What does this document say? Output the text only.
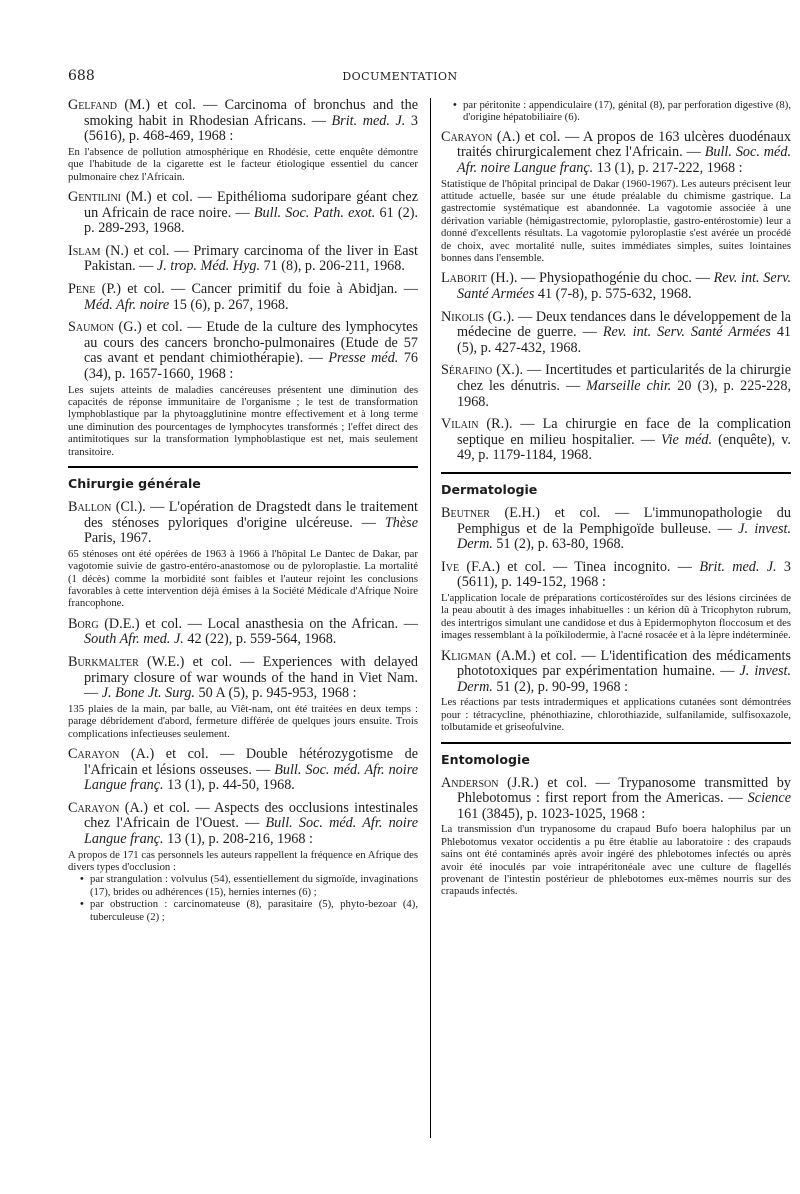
688	DOCUMENTATION
Gelfand (M.) et col. — Carcinoma of bronchus and the smoking habit in Rhodesian Africans. — Brit. med. J. 3 (5616), p. 468-469, 1968 :
En l'absence de pollution atmosphérique en Rhodésie, cette enquête démontre que l'habitude de la cigarette est le facteur étiologique essentiel du cancer pulmonaire chez l'Africain.
Gentilini (M.) et col. — Epithélioma sudoripare géant chez un Africain de race noire. — Bull. Soc. Path. exot. 61 (2). p. 289-293, 1968.
Islam (N.) et col. — Primary carcinoma of the liver in East Pakistan. — J. trop. Méd. Hyg. 71 (8), p. 206-211, 1968.
Pene (P.) et col. — Cancer primitif du foie à Abidjan. — Méd. Afr. noire 15 (6), p. 267, 1968.
Saumon (G.) et col. — Etude de la culture des lymphocytes au cours des cancers broncho-pulmonaires (Etude de 57 cas avant et pendant chimiothérapie). — Presse méd. 76 (34), p. 1657-1660, 1968 :
Les sujets atteints de maladies cancéreuses présentent une diminution des capacités de réponse immunitaire de l'organisme ; le test de transformation lymphoblastique par la phytoagglutinine montre effectivement et à long terme une diminution des pourcentages de lymphocytes transformés ; l'effet direct des antimitotiques sur la transformation lymphoblastique est net, mais seulement transitoire.
Chirurgie générale
Ballon (Cl.). — L'opération de Dragstedt dans le traitement des sténoses pyloriques d'origine ulcéreuse. — Thèse Paris, 1967.
65 sténoses ont été opérées de 1963 à 1966 à l'hôpital Le Dantec de Dakar, par vagotomie suivie de gastro-entéro-anastomose ou de pyloroplastie. La mortalité (1 décès) comme la morbidité sont faibles et l'auteur rejoint les conclusions favorables à cette intervention déjà émises à la Société Médicale d'Afrique Noire francophone.
Borg (D.E.) et col. — Local anasthesia on the African. — South Afr. med. J. 42 (22), p. 559-564, 1968.
Burkmalter (W.E.) et col. — Experiences with delayed primary closure of war wounds of the hand in Viet Nam. — J. Bone Jt. Surg. 50 A (5), p. 945-953, 1968 :
135 plaies de la main, par balle, au Viêt-nam, ont été traitées en deux temps : parage débridement d'abord, fermeture différée de quelques jours ensuite. Trois complications infectieuses seulement.
Carayon (A.) et col. — Double hétérozygotisme de l'Africain et lésions osseuses. — Bull. Soc. méd. Afr. noire Langue franç. 13 (1), p. 44-50, 1968.
Carayon (A.) et col. — Aspects des occlusions intestinales chez l'Africain de l'Ouest. — Bull. Soc. méd. Afr. noire Langue franç. 13 (1), p. 208-216, 1968 :
A propos de 171 cas personnels les auteurs rappellent la fréquence en Afrique des divers types d'occlusion :
• par strangulation : volvulus (54), essentiellement du sigmoïde, invaginations (17), brides ou adhérences (15), hernies internes (6) ;
• par obstruction : carcinomateuse (8), parasitaire (5), phyto-bezoar (4), tuberculeuse (2) ;
• par péritonite : appendiculaire (17), génital (8), par perforation digestive (8), d'origine hépatobiliaire (6).
Carayon (A.) et col. — A propos de 163 ulcères duodénaux traités chirurgicalement chez l'Africain. — Bull. Soc. méd. Afr. noire Langue franç. 13 (1), p. 217-222, 1968 :
Statistique de l'hôpital principal de Dakar (1960-1967). Les auteurs précisent leur attitude actuelle, basée sur une étude préalable du chimisme gastrique. La gastrectomie systématique est abandonnée. La vagotomie associée à une dérivation variable (hémigastrectomie, pyloroplastie, gastro-entérostomie) leur a donné d'excellents résultats. La vagotomie pyloroplastie s'est avérée un procédé de choix, avec mortalité nulle, suites immédiates simples, suites lointaines bonnes dans l'ensemble.
Laborit (H.). — Physiopathogénie du choc. — Rev. int. Serv. Santé Armées 41 (7-8), p. 575-632, 1968.
Nikolis (G.). — Deux tendances dans le développement de la médecine de guerre. — Rev. int. Serv. Santé Armées 41 (5), p. 427-432, 1968.
Sérafino (X.). — Incertitudes et particularités de la chirurgie chez les dénutris. — Marseille chir. 20 (3), p. 225-228, 1968.
Vilain (R.). — La chirurgie en face de la complication septique en milieu hospitalier. — Vie méd. (enquête), v. 49, p. 1179-1184, 1968.
Dermatologie
Beutner (E.H.) et col. — L'immunopathologie du Pemphigus et de la Pemphigoïde bulleuse. — J. invest. Derm. 51 (2), p. 63-80, 1968.
Ive (F.A.) et col. — Tinea incognito. — Brit. med. J. 3 (5611), p. 149-152, 1968 :
L'application locale de préparations corticostéroïdes sur des lésions circinées de la peau aboutit à des images inhabituelles : un kérion dû à Tricophyton rubrum, des intertrigos simulant une candidose et dus à Epidermophyton floccosum et des images ressemblant à la poïkilodermie, à l'acné rosacée et à la lèpre indéterminée.
Kligman (A.M.) et col. — L'identification des médicaments phototoxiques par expérimentation humaine. — J. invest. Derm. 51 (2), p. 90-99, 1968 :
Les réactions par tests intradermiques et applications cutanées sont démontrées pour : tétracycline, phénothiazine, chlorothiazide, sulfanilamide, sulfisoxazole, tolbutamide et griseofulvine.
Entomologie
Anderson (J.R.) et col. — Trypanosome transmitted by Phlebotomus : first report from the Americas. — Science 161 (3845), p. 1023-1025, 1968 :
La transmission d'un trypanosome du crapaud Bufo boera halophilus par un Phlebotomus vexator occidentis a pu être établie au laboratoire : des crapauds sains ont été contaminés après avoir ingéré des phlebotomes infectés ou après avoir été inoculés par voie intrapéritonéale avec une culture de flagellés provenant de l'intestin postérieur de phlebotomes eux-mêmes nourris sur des crapauds infectés.
